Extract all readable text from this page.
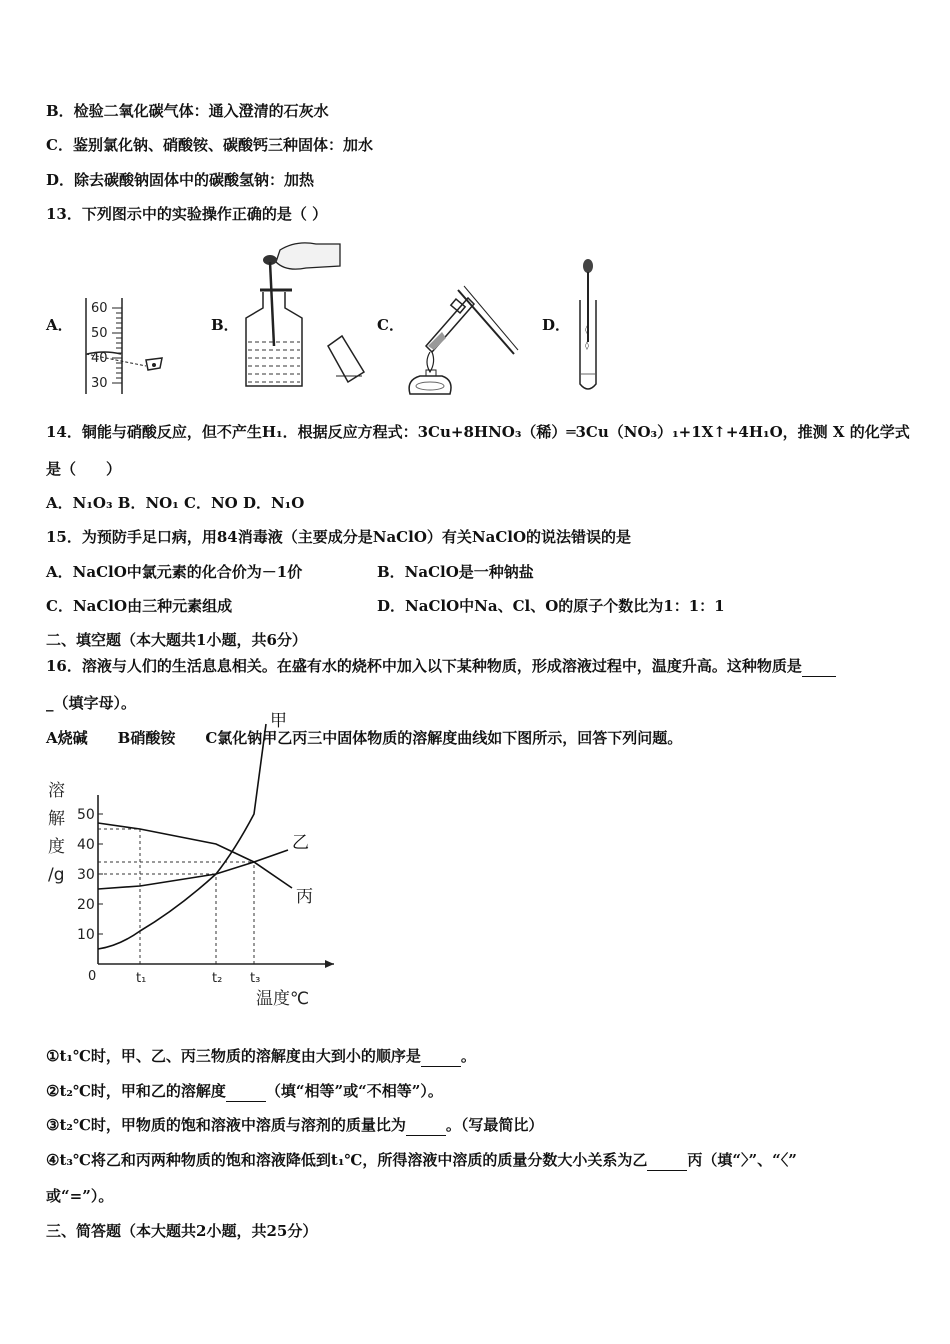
B．检验二氧化碳气体：通入澄清的石灰水
C．鉴别氯化钠、硝酸铵、碳酸钙三种固体：加水
D．除去碳酸钠固体中的碳酸氢钠：加热
13．下列图示中的实验操作正确的是（ ）
A．
60
50
40
30
B．	C．	D． ◊
◊
14．铜能与硝酸反应，但不产生H₁．根据反应方程式：3Cu+8HNO₃（稀）═3Cu（NO₃）₁+1X↑+4H₁O，推测 X 的化学式
是（　　）
A．N₁O₃ B．NO₁ C．NO D．N₁O
15．为预防手足口病，用84消毒液（主要成分是NaClO）有关NaClO的说法错误的是
A．NaClO中氯元素的化合价为－1价	B．NaClO是一种钠盐
C．NaClO由三种元素组成	D．NaClO中Na、Cl、O的原子个数比为1：1：1
二、填空题（本大题共1小题，共6分）
16．溶液与人们的生活息息相关。在盛有水的烧杯中加入以下某种物质，形成溶液过程中，温度升高。这种物质是
_（填字母）。
A烧碱　　B硝酸铵　　C氯化钠甲乙丙三中固体物质的溶解度曲线如下图所示，回答下列问题。
溶
解
度
/g
0
10
20
30
40
50
t₁	t₂ t₃
温度℃
甲
乙
丙
①t₁℃时，甲、乙、丙三物质的溶解度由大到小的顺序是	。
②t₂℃时，甲和乙的溶解度	（填“相等”或“不相等”）。
③t₂℃时，甲物质的饱和溶液中溶质与溶剂的质量比为	。（写最简比）
④t₃℃将乙和丙两种物质的饱和溶液降低到t₁℃，所得溶液中溶质的质量分数大小关系为乙	丙（填“〉”、“〈”
或“=”）。
三、简答题（本大题共2小题，共25分）
